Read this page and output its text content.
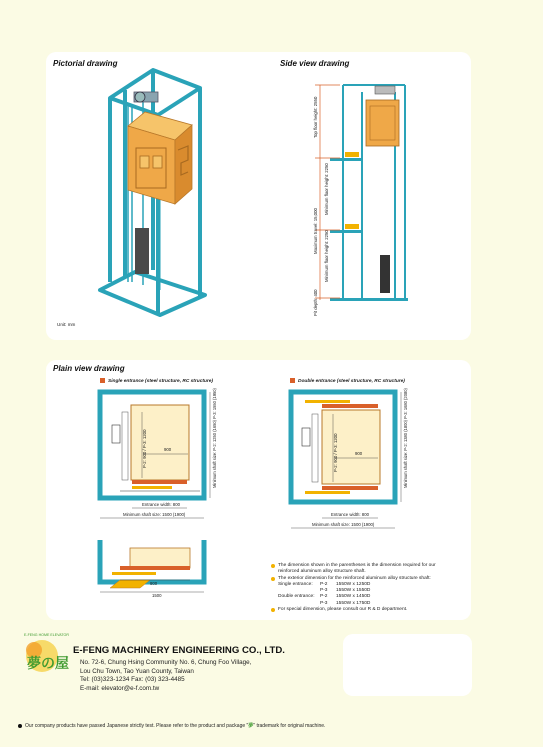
Pictorial drawing	Side view drawing
Plain view drawing
Unit: mm
Top floor height: 2550
Minimum floor height: 2250
Maximum travel: 15,000 Minimum floor height: 2250
Pit depth: 400
Single entrance (steel structure, RC structure)	Double entrance (steel structure, RC structure)
900
P-2: 900 / P-3: 1200	Minimum shaft size: P-2: 1250 (1650) P-3: 1550 (1950)
Entrance width: 800
Minimum shaft size: 1500 (1900)
900
P-2: 900 / P-3: 1200	Minimum shaft size: P-2: 1380 (1800) P-3: 1680 (2080)
Entrance width: 800
Minimum shaft size: 1500 (1900)
800
1500
The dimension shown in the parentheses is the dimension required for our
reinforced aluminum alloy structure shaft.
The exterior dimension for the reinforced aluminum alloy structure shaft:
Single entrance:	P-2	1550W x 1250D
P-3	1550W x 1550D
Double entrance:	P-2	1550W x 1450D
P-3	1550W x 1750D
For special dimension, please consult our R & D department.
夢の屋
E-FENG HOME ELEVATOR
E-FENG MACHINERY ENGINEERING CO., LTD.
No. 72-6, Chung Hsing Community No. 6, Chung Foo Village,
Lou Chu Town, Tao Yuan County, Taiwan
Tel: (03)323-1234 Fax: (03) 323-4485
E-mail: elevator@e-f.com.tw
Our company products have passed Japanese strictly test. Please refer to the product and package "夢" trademark for original machine.
